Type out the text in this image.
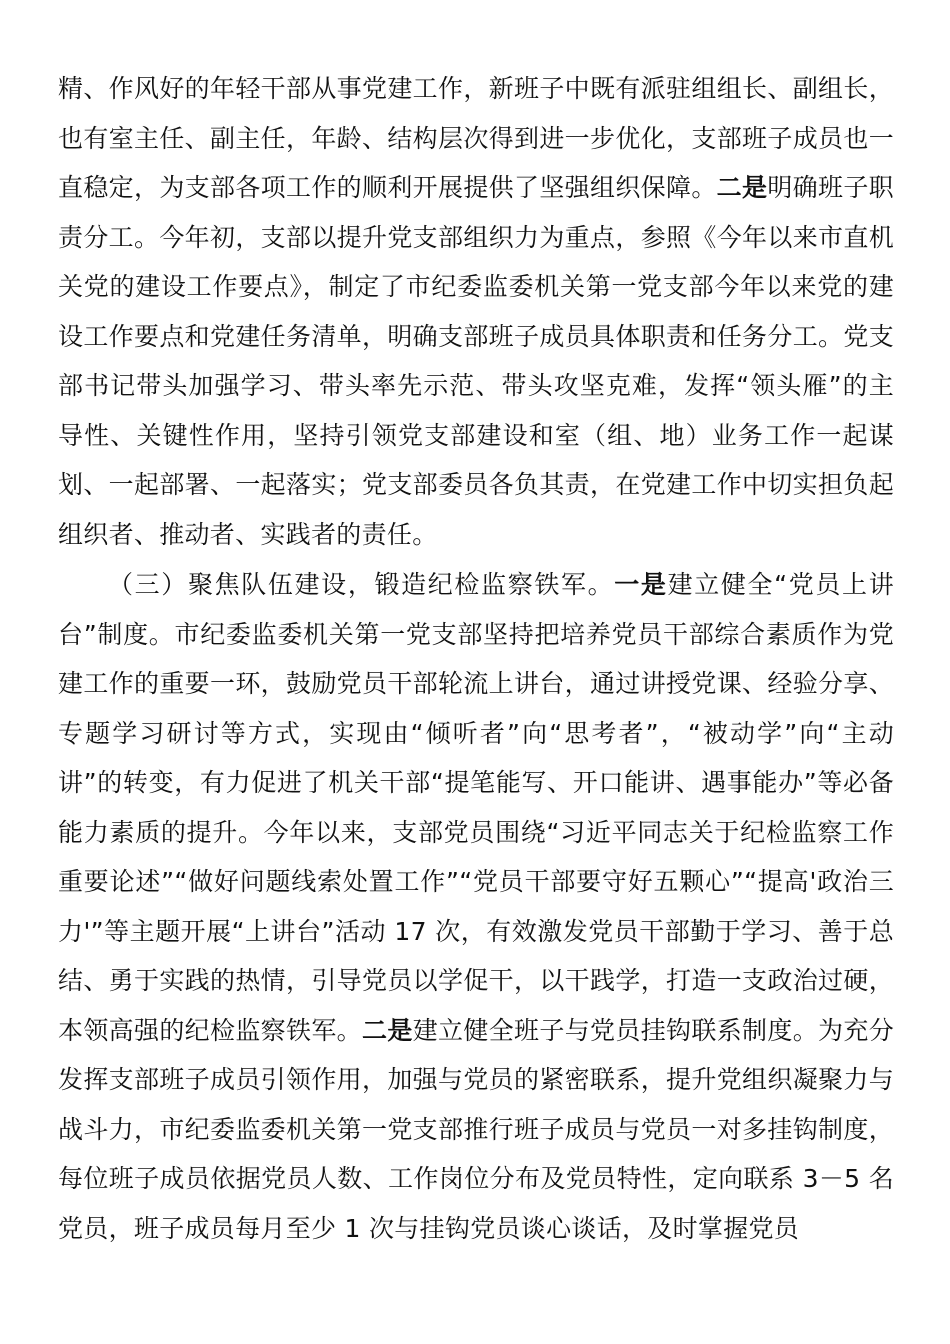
精、作风好的年轻干部从事党建工作，新班子中既有派驻组组长、副组长，也有室主任、副主任，年龄、结构层次得到进一步优化，支部班子成员也一直稳定，为支部各项工作的顺利开展提供了坚强组织保障。二是明确班子职责分工。今年初，支部以提升党支部组织力为重点，参照《今年以来市直机关党的建设工作要点》，制定了市纪委监委机关第一党支部今年以来党的建设工作要点和党建任务清单，明确支部班子成员具体职责和任务分工。党支部书记带头加强学习、带头率先示范、带头攻坚克难，发挥“领头雁”的主导性、关键性作用，坚持引领党支部建设和室（组、地）业务工作一起谋划、一起部署、一起落实；党支部委员各负其责，在党建工作中切实担负起组织者、推动者、实践者的责任。

（三）聚焦队伍建设，锻造纪检监察铁军。一是建立健全“党员上讲台”制度。市纪委监委机关第一党支部坚持把培养党员干部综合素质作为党建工作的重要一环，鼓励党员干部轮流上讲台，通过讲授党课、经验分享、专题学习研讨等方式，实现由“倾听者”向“思考者”，“被动学”向“主动讲”的转变，有力促进了机关干部“提笔能写、开口能讲、遇事能办”等必备能力素质的提升。今年以来，支部党员围绕“习近平同志关于纪检监察工作重要论述”“做好问题线索处置工作”“党员干部要守好五颗心”“提高'政治三力'”等主题开展“上讲台”活动 17 次，有效激发党员干部勤于学习、善于总结、勇于实践的热情，引导党员以学促干，以干践学，打造一支政治过硬，本领高强的纪检监察铁军。二是建立健全班子与党员挂钩联系制度。为充分发挥支部班子成员引领作用，加强与党员的紧密联系，提升党组织凝聚力与战斗力，市纪委监委机关第一党支部推行班子成员与党员一对多挂钩制度，每位班子成员依据党员人数、工作岗位分布及党员特性，定向联系 3－5 名党员，班子成员每月至少 1 次与挂钩党员谈心谈话，及时掌握党员
